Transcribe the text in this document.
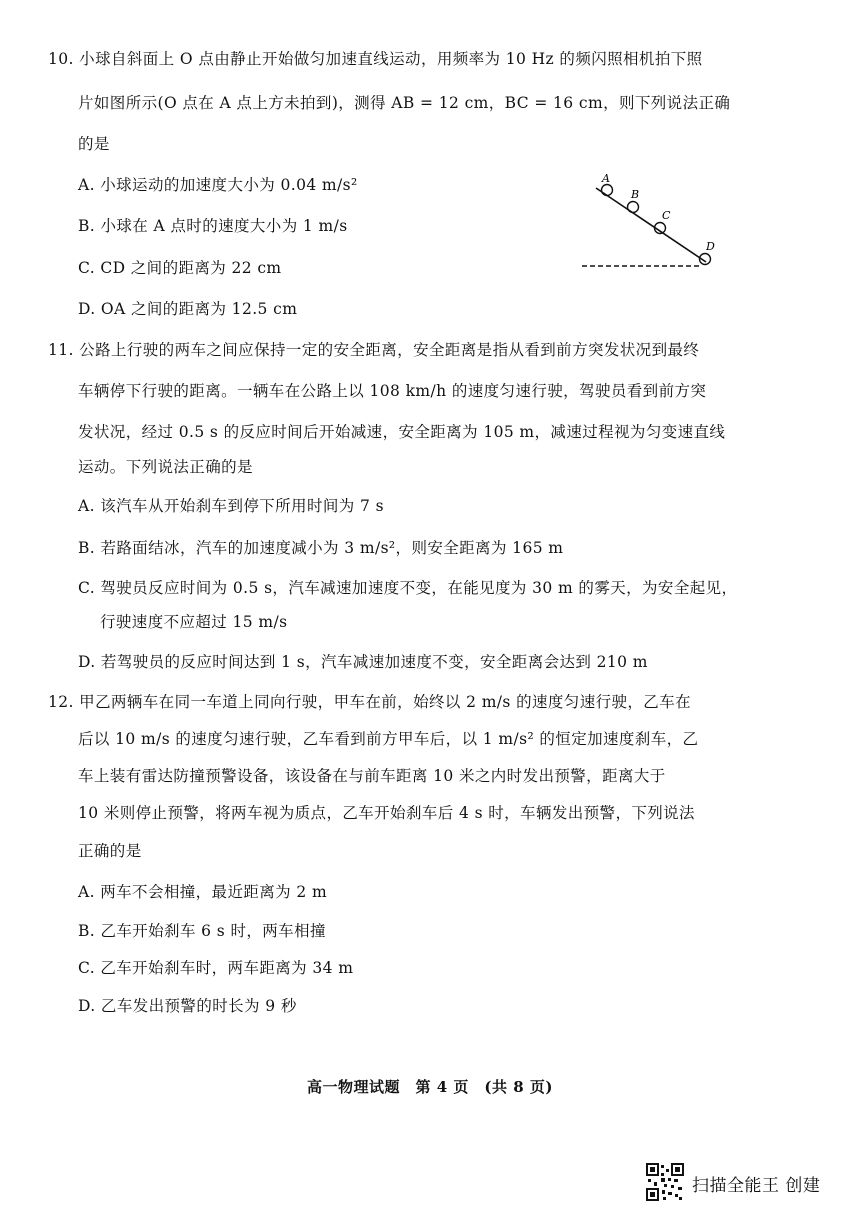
10. 小球自斜面上 O 点由静止开始做匀加速直线运动，用频率为 10 Hz 的频闪照相机拍下照
片如图所示(O 点在 A 点上方未拍到)，测得 AB = 12 cm，BC = 16 cm，则下列说法正确
的是
A. 小球运动的加速度大小为 0.04 m/s²
B. 小球在 A 点时的速度大小为 1 m/s
C. CD 之间的距离为 22 cm
D. OA 之间的距离为 12.5 cm
A
B
C
D
11. 公路上行驶的两车之间应保持一定的安全距离，安全距离是指从看到前方突发状况到最终
车辆停下行驶的距离。一辆车在公路上以 108 km/h 的速度匀速行驶，驾驶员看到前方突
发状况，经过 0.5 s 的反应时间后开始减速，安全距离为 105 m，减速过程视为匀变速直线
运动。下列说法正确的是
A. 该汽车从开始刹车到停下所用时间为 7 s
B. 若路面结冰，汽车的加速度减小为 3 m/s²，则安全距离为 165 m
C. 驾驶员反应时间为 0.5 s，汽车减速加速度不变，在能见度为 30 m 的雾天，为安全起见，
行驶速度不应超过 15 m/s
D. 若驾驶员的反应时间达到 1 s，汽车减速加速度不变，安全距离会达到 210 m
12. 甲乙两辆车在同一车道上同向行驶，甲车在前，始终以 2 m/s 的速度匀速行驶，乙车在
后以 10 m/s 的速度匀速行驶，乙车看到前方甲车后，以 1 m/s² 的恒定加速度刹车，乙
车上装有雷达防撞预警设备，该设备在与前车距离 10 米之内时发出预警，距离大于
10 米则停止预警，将两车视为质点，乙车开始刹车后 4 s 时，车辆发出预警，下列说法
正确的是
A. 两车不会相撞，最近距离为 2 m
B. 乙车开始刹车 6 s 时，两车相撞
C. 乙车开始刹车时，两车距离为 34 m
D. 乙车发出预警的时长为 9 秒
高一物理试题　第 4 页　(共 8 页)
扫描全能王 创建
